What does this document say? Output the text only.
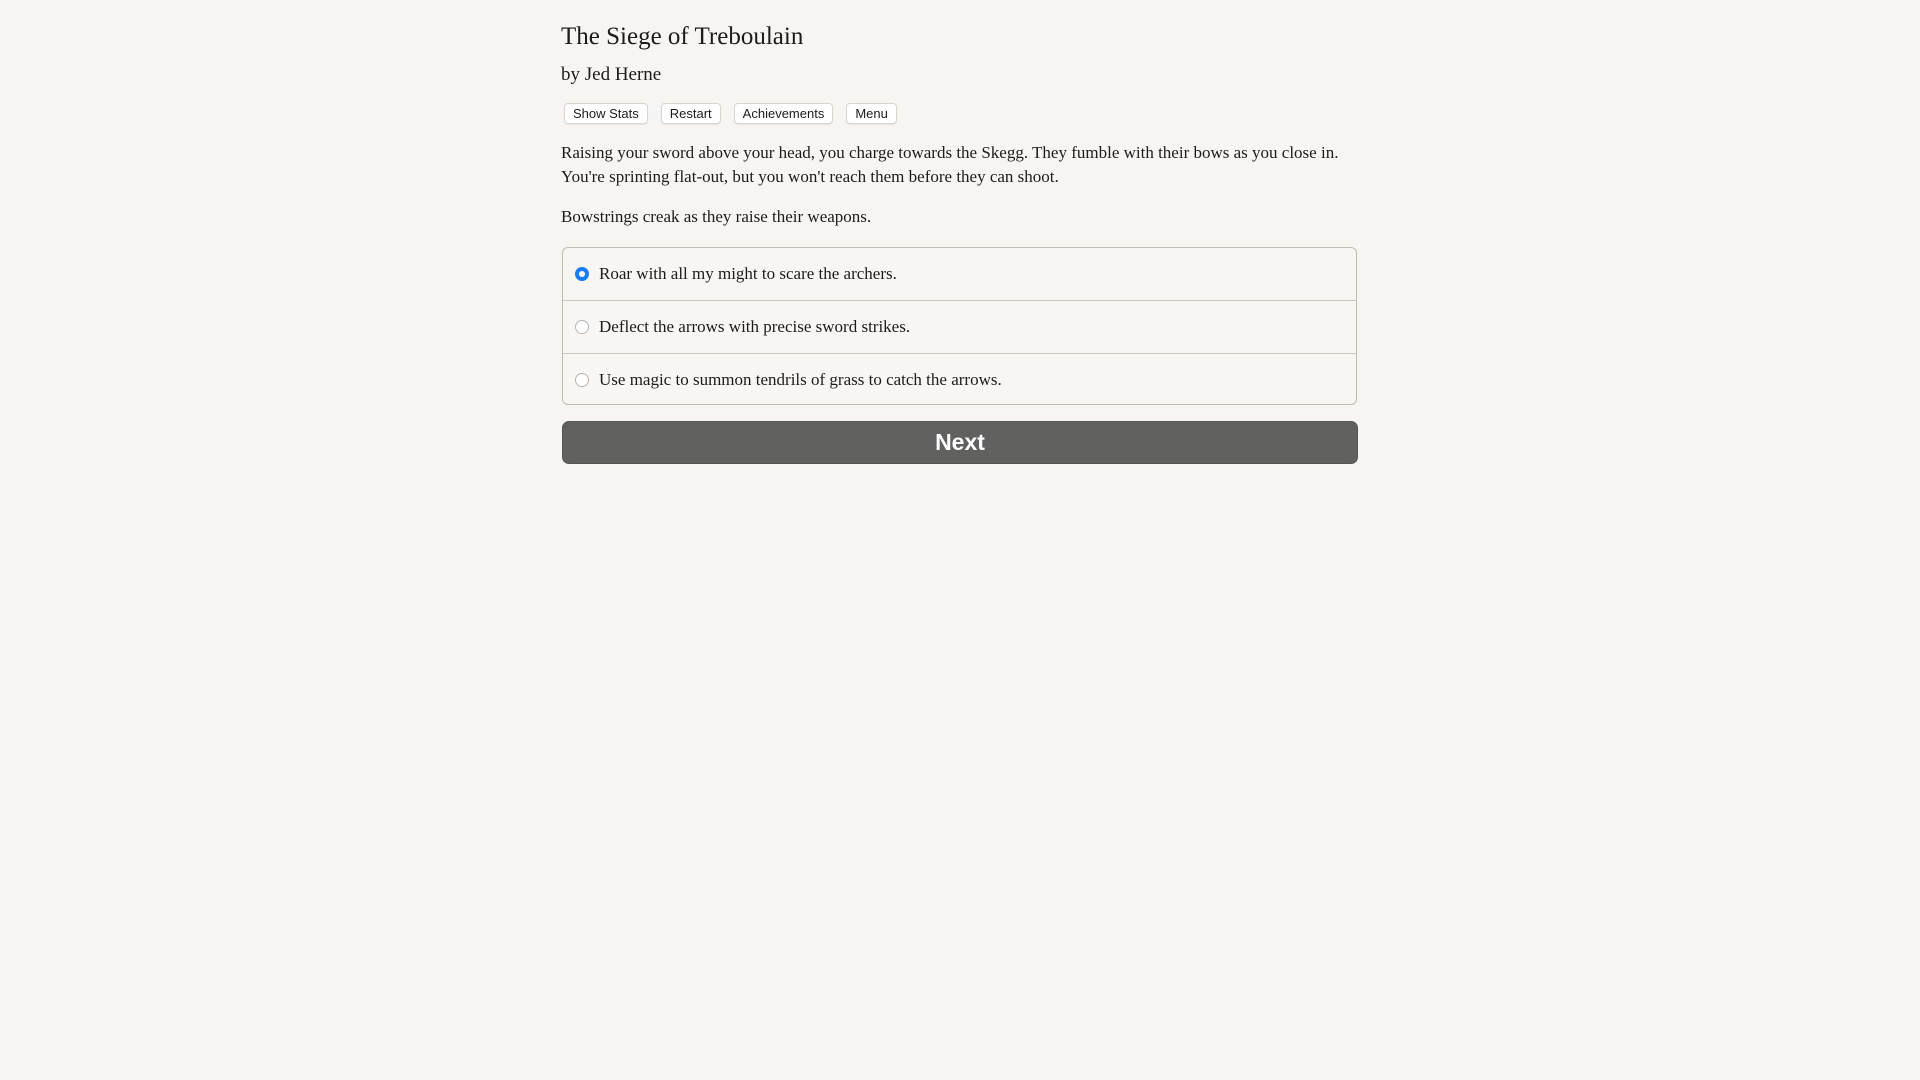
The Siege of Treboulain

by Jed Herne

Show Stats	Restart	Achievements	Menu

Raising your sword above your head, you charge towards the Skegg. They fumble with their bows as you close in. You're sprinting flat-out, but you won't reach them before they can shoot.

Bowstrings creak as they raise their weapons.

Roar with all my might to scare the archers.
Deflect the arrows with precise sword strikes.
Use magic to summon tendrils of grass to catch the arrows.
Next
